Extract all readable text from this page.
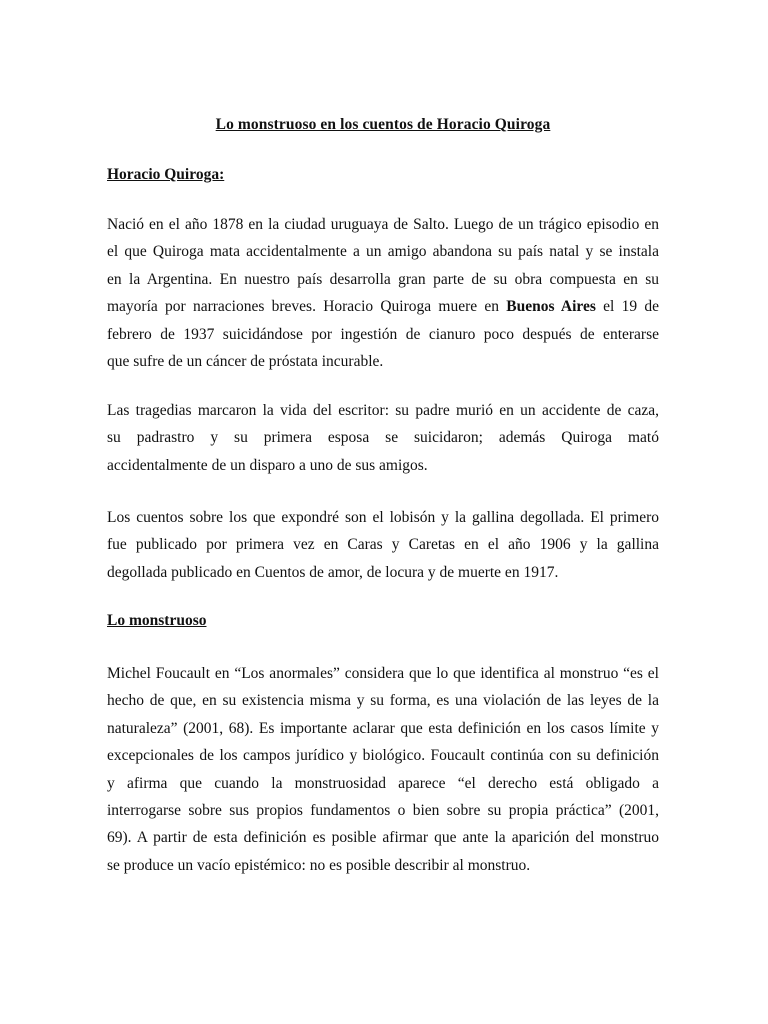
Lo monstruoso en los cuentos de Horacio Quiroga
Horacio Quiroga:

Nació en el año 1878 en la ciudad uruguaya de Salto. Luego de un trágico episodio en
el que Quiroga mata accidentalmente a un amigo abandona su país natal y se instala
en la Argentina. En nuestro país desarrolla gran parte de su obra compuesta en su
mayoría por narraciones breves. Horacio Quiroga muere en Buenos Aires el 19 de
febrero de 1937 suicidándose por ingestión de cianuro poco después de enterarse
que sufre de un cáncer de próstata incurable.

Las tragedias marcaron la vida del escritor: su padre murió en un accidente de caza,
su padrastro y su primera esposa se suicidaron; además Quiroga mató
accidentalmente de un disparo a uno de sus amigos.

Los cuentos sobre los que expondré son el lobisón y la gallina degollada. El primero
fue publicado por primera vez en Caras y Caretas en el año 1906 y la gallina
degollada publicado en Cuentos de amor, de locura y de muerte en 1917.

Lo monstruoso

Michel Foucault en “Los anormales” considera que lo que identifica al monstruo “es el
hecho de que, en su existencia misma y su forma, es una violación de las leyes de la
naturaleza” (2001, 68). Es importante aclarar que esta definición en los casos límite y
excepcionales de los campos jurídico y biológico. Foucault continúa con su definición
y afirma que cuando la monstruosidad aparece “el derecho está obligado a
interrogarse sobre sus propios fundamentos o bien sobre su propia práctica” (2001,
69). A partir de esta definición es posible afirmar que ante la aparición del monstruo
se produce un vacío epistémico: no es posible describir al monstruo.
